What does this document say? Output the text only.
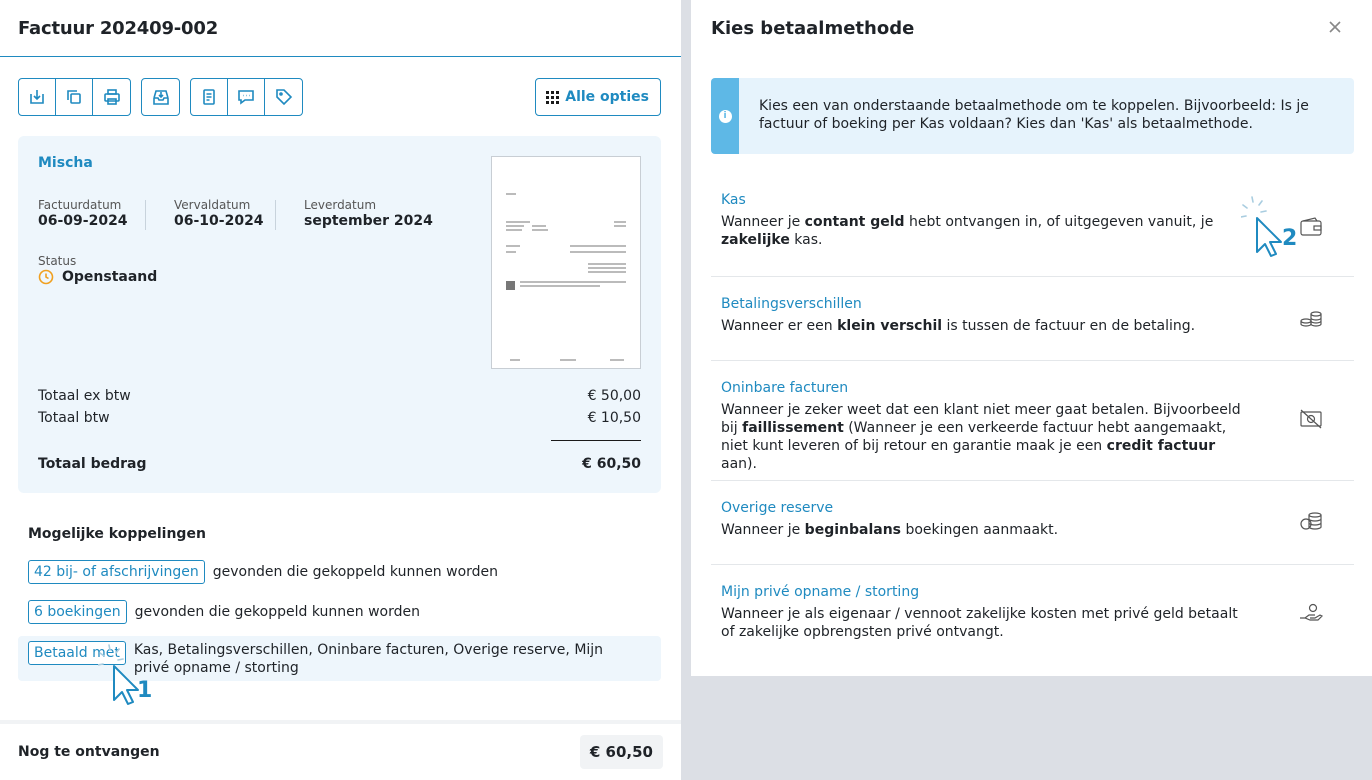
Factuur 202409-002
Alle opties
Mischa
Factuurdatum
06-09-2024
Vervaldatum
06-10-2024
Leverdatum
september 2024
Status
Openstaand
Totaal ex btw	€ 50,00
Totaal btw	€ 10,50
Totaal bedrag	€ 60,50
Mogelijke koppelingen
42 bij- of afschrijvingen	gevonden die gekoppeld kunnen worden
6 boekingen	gevonden die gekoppeld kunnen worden
Betaald met	Kas, Betalingsverschillen, Oninbare facturen, Overige reserve, Mijn privé opname / storting
1
Nog te ontvangen	€ 60,50
Kies betaalmethode
i
Kies een van onderstaande betaalmethode om te koppelen. Bijvoorbeeld: Is je factuur of boeking per Kas voldaan? Kies dan 'Kas' als betaalmethode.
Kas
Wanneer je contant geld hebt ontvangen in, of uitgegeven vanuit, je zakelijke kas.
Betalingsverschillen
Wanneer er een klein verschil is tussen de factuur en de betaling.
Oninbare facturen
Wanneer je zeker weet dat een klant niet meer gaat betalen. Bijvoorbeeld bij faillissement (Wanneer je een verkeerde factuur hebt aangemaakt, niet kunt leveren of bij retour en garantie maak je een credit factuur aan).
Overige reserve
Wanneer je beginbalans boekingen aanmaakt.
Mijn privé opname / storting
Wanneer je als eigenaar / vennoot zakelijke kosten met privé geld betaalt of zakelijke opbrengsten privé ontvangt.
2
